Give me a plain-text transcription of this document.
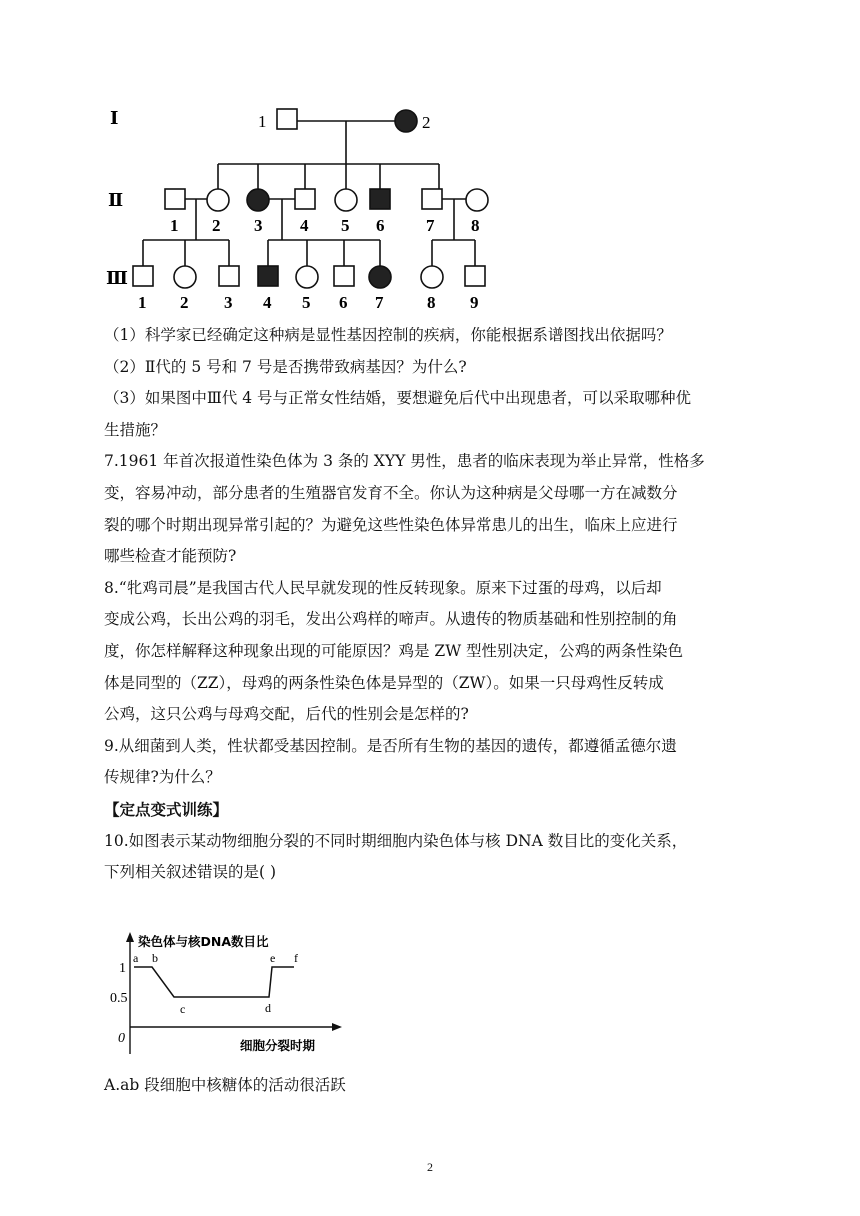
Ⅰ
Ⅱ
Ⅲ
1	2
1 2 3 4 5 6 7 8
1 2 3 4 5 6 7	8 9

（1）科学家已经确定这种病是显性基因控制的疾病，你能根据系谱图找出依据吗？

（2）Ⅱ代的 5 号和 7 号是否携带致病基因？为什么?

（3）如果图中Ⅲ代 4 号与正常女性结婚，要想避免后代中出现患者，可以采取哪种优

生措施？

7.1961 年首次报道性染色体为 3 条的 XYY 男性，患者的临床表现为举止异常，性格多

变，容易冲动，部分患者的生殖器官发育不全。你认为这种病是父母哪一方在减数分

裂的哪个时期出现异常引起的？为避免这些性染色体异常患儿的出生，临床上应进行

哪些检查才能预防?

8.“牝鸡司晨”是我国古代人民早就发现的性反转现象。原来下过蛋的母鸡，以后却

变成公鸡，长出公鸡的羽毛，发出公鸡样的啼声。从遗传的物质基础和性别控制的角

度，你怎样解释这种现象出现的可能原因？鸡是 ZW 型性别决定，公鸡的两条性染色

体是同型的（ZZ），母鸡的两条性染色体是异型的（ZW）。如果一只母鸡性反转成

公鸡，这只公鸡与母鸡交配，后代的性别会是怎样的?

9.从细菌到人类，性状都受基因控制。是否所有生物的基因的遗传，都遵循孟德尔遗

传规律?为什么？

【定点变式训练】

10.如图表示某动物细胞分裂的不同时期细胞内染色体与核 DNA 数目比的变化关系，

下列相关叙述错误的是( )

染色体与核DNA数目比
细胞分裂时期
0
1
0.5
a b
c	d
e f

A.ab 段细胞中核糖体的活动很活跃

2
